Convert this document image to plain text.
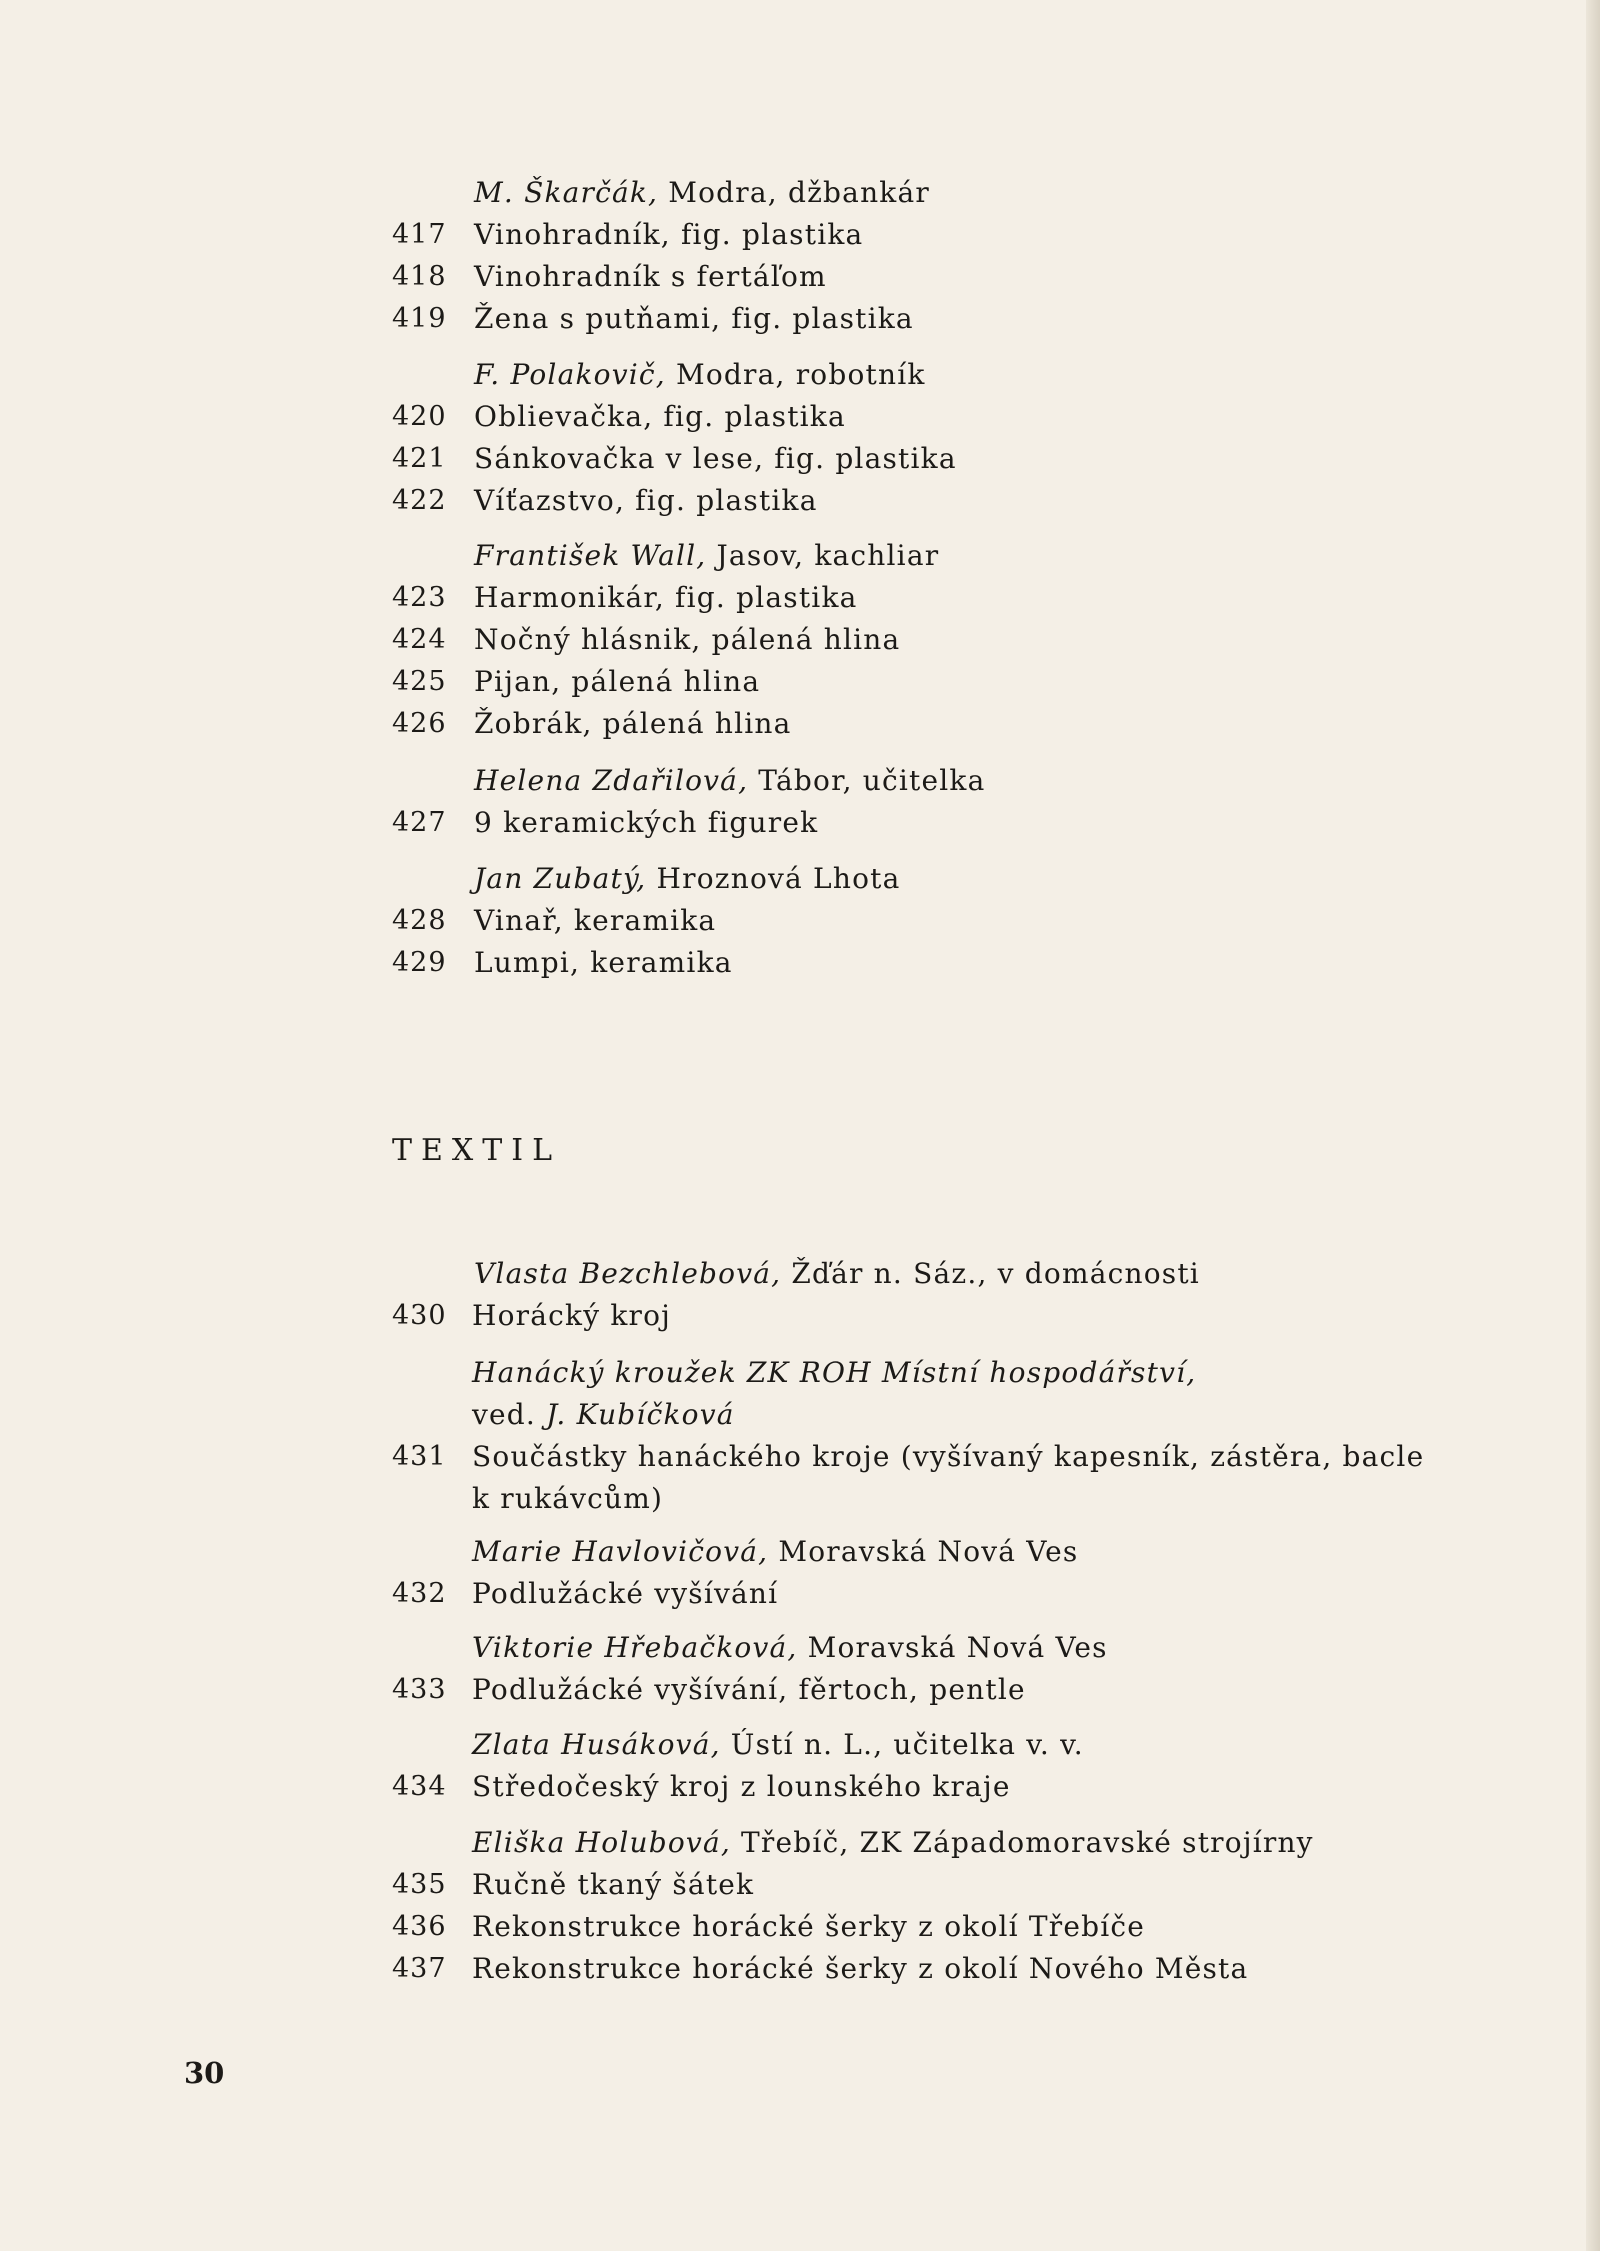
M. Škarčák, Modra, džbankár
417 Vinohradník, fig. plastika
418 Vinohradník s fertáľom
419 Žena s putňami, fig. plastika
F. Polakovič, Modra, robotník
420 Oblievačka, fig. plastika
421 Sánkovačka v lese, fig. plastika
422 Víťazstvo, fig. plastika
František Wall, Jasov, kachliar
423 Harmonikár, fig. plastika
424 Nočný hlásnik, pálená hlina
425 Pijan, pálená hlina
426 Žobrák, pálená hlina
Helena Zdařilová, Tábor, učitelka
427 9 keramických figurek
Jan Zubatý, Hroznová Lhota
428 Vinař, keramika
429 Lumpi, keramika
TEXTIL
Vlasta Bezchlebová, Žďár n. Sáz., v domácnosti
430 Horácký kroj
Hanácký kroužek ZK ROH Místní hospodářství,
ved. J. Kubíčková
431 Součástky hanáckého kroje (vyšívaný kapesník, zástěra, bacle
k rukávcům)
Marie Havlovičová, Moravská Nová Ves
432 Podlužácké vyšívání
Viktorie Hřebačková, Moravská Nová Ves
433 Podlužácké vyšívání, fěrtoch, pentle
Zlata Husáková, Ústí n. L., učitelka v. v.
434 Středočeský kroj z lounského kraje
Eliška Holubová, Třebíč, ZK Západomoravské strojírny
435 Ručně tkaný šátek
436 Rekonstrukce horácké šerky z okolí Třebíče
437 Rekonstrukce horácké šerky z okolí Nového Města
30
